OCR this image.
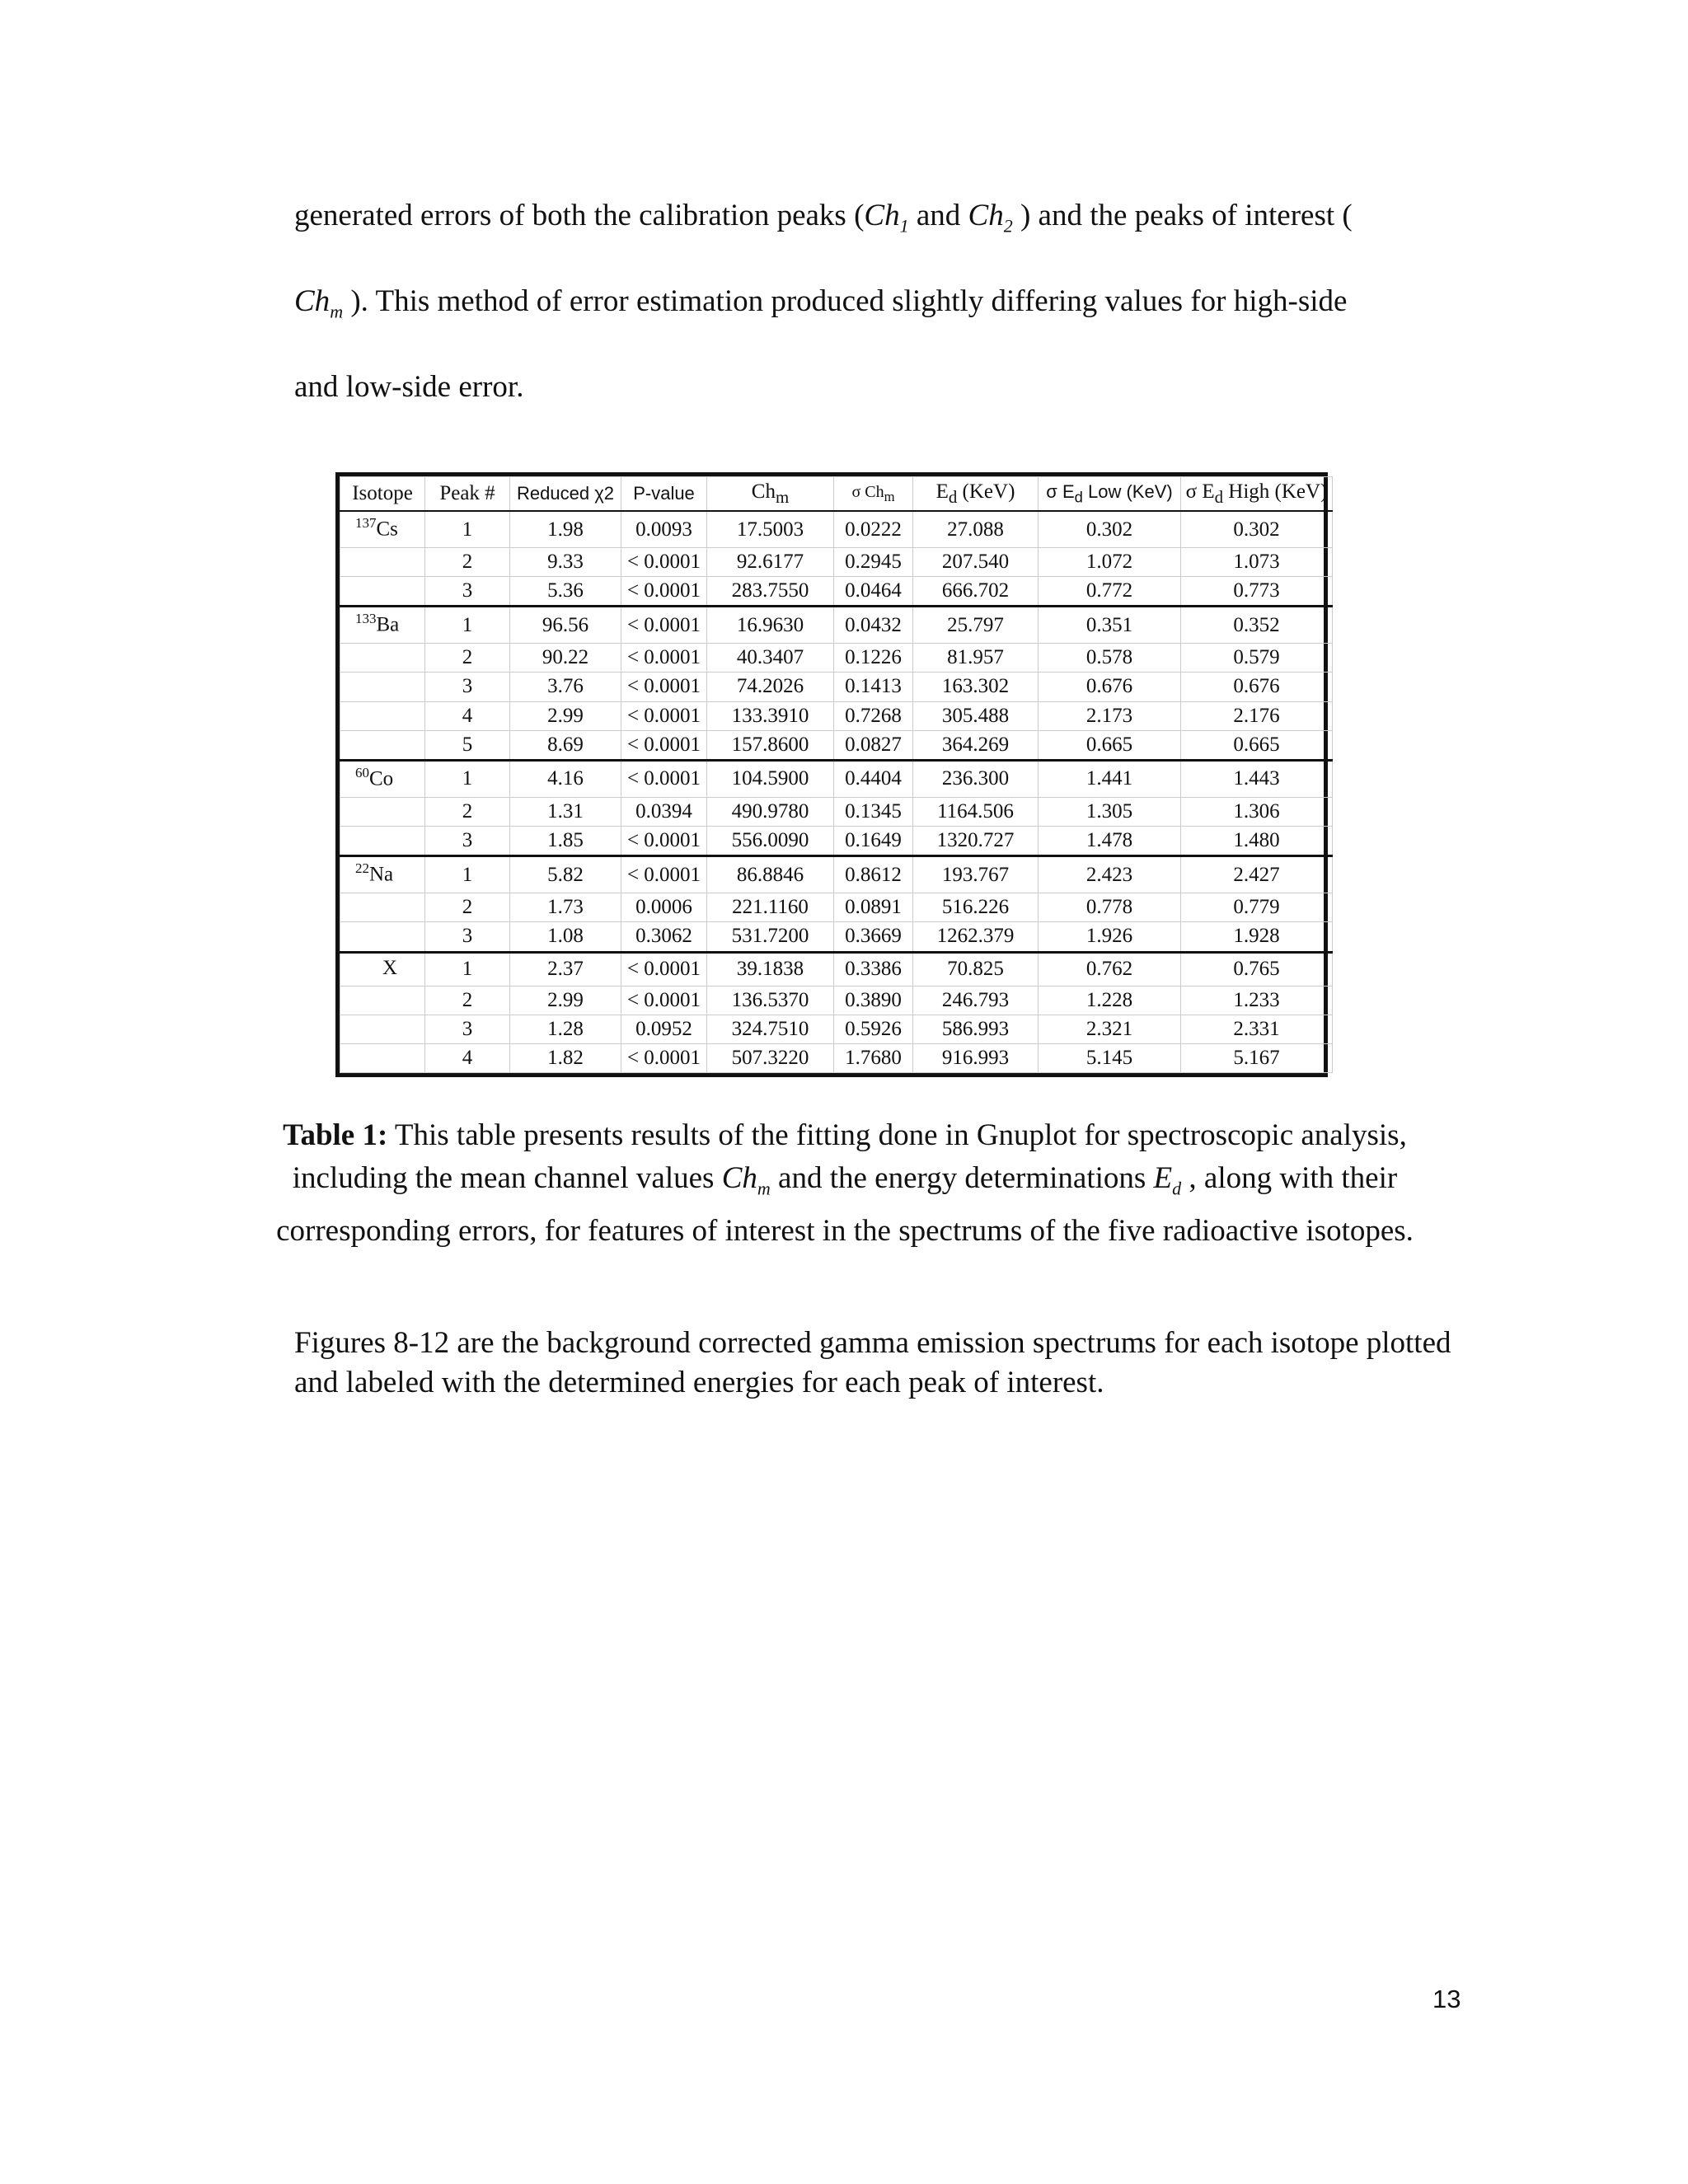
generated errors of both the calibration peaks ($Ch_1$ and $Ch_2$ ) and the peaks of interest (
$Ch_m$ ). This method of error estimation produced slightly differing values for high-side
and low-side error.
Isotope	Peak #	Reduced χ2	P-value	$Ch_m$	σ $Ch_m$	$E_d$ (KeV)	σ $E_d$ Low (KeV)	σ $E_d$ High (KeV)
$^{137}$Cs	1	1.98	0.0093	17.5003	0.0222	27.088	0.302	0.302
	2	9.33	< 0.0001	92.6177	0.2945	207.540	1.072	1.073
	3	5.36	< 0.0001	283.7550	0.0464	666.702	0.772	0.773
$^{133}$Ba	1	96.56	< 0.0001	16.9630	0.0432	25.797	0.351	0.352
	2	90.22	< 0.0001	40.3407	0.1226	81.957	0.578	0.579
	3	3.76	< 0.0001	74.2026	0.1413	163.302	0.676	0.676
	4	2.99	< 0.0001	133.3910	0.7268	305.488	2.173	2.176
	5	8.69	< 0.0001	157.8600	0.0827	364.269	0.665	0.665
$^{60}$Co	1	4.16	< 0.0001	104.5900	0.4404	236.300	1.441	1.443
	2	1.31	0.0394	490.9780	0.1345	1164.506	1.305	1.306
	3	1.85	< 0.0001	556.0090	0.1649	1320.727	1.478	1.480
$^{22}$Na	1	5.82	< 0.0001	86.8846	0.8612	193.767	2.423	2.427
	2	1.73	0.0006	221.1160	0.0891	516.226	0.778	0.779
	3	1.08	0.3062	531.7200	0.3669	1262.379	1.926	1.928
X	1	2.37	< 0.0001	39.1838	0.3386	70.825	0.762	0.765
	2	2.99	< 0.0001	136.5370	0.3890	246.793	1.228	1.233
	3	1.28	0.0952	324.7510	0.5926	586.993	2.321	2.331
	4	1.82	< 0.0001	507.3220	1.7680	916.993	5.145	5.167
Table 1: This table presents results of the fitting done in Gnuplot for spectroscopic analysis,
including the mean channel values $Ch_m$ and the energy determinations $E_d$ , along with their
corresponding errors, for features of interest in the spectrums of the five radioactive isotopes.
Figures 8-12 are the background corrected gamma emission spectrums for each isotope plotted and labeled with the determined energies for each peak of interest.
13
